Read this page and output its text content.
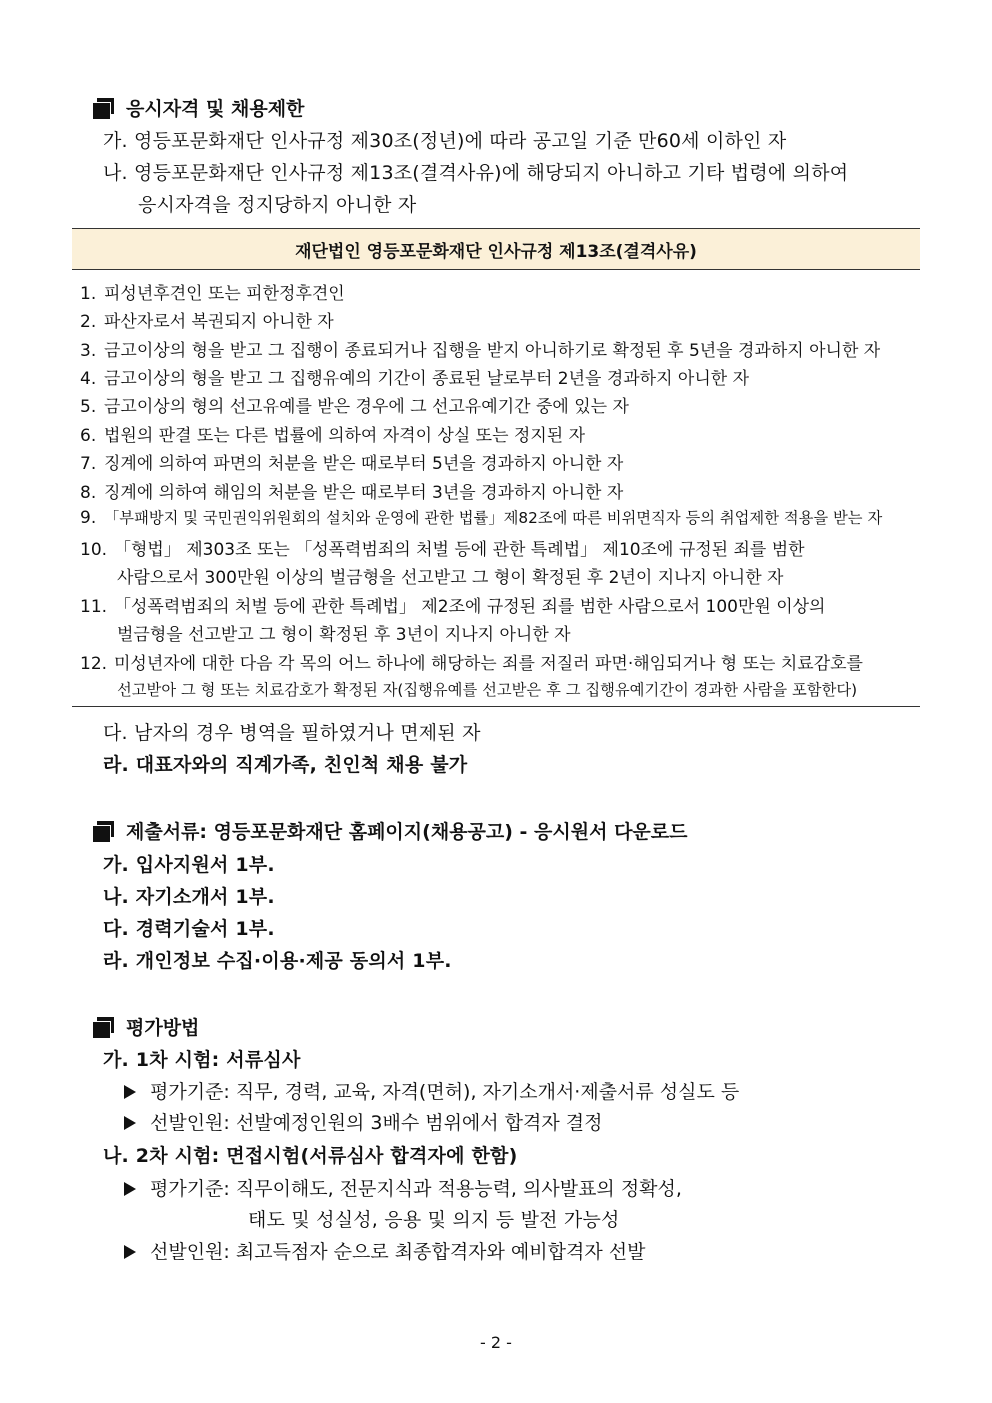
응시자격 및 채용제한
가. 영등포문화재단 인사규정 제30조(정년)에 따라 공고일 기준 만60세 이하인 자
나. 영등포문화재단 인사규정 제13조(결격사유)에 해당되지 아니하고 기타 법령에 의하여
응시자격을 정지당하지 아니한 자
재단법인 영등포문화재단 인사규정 제13조(결격사유)
1. 피성년후견인 또는 피한정후견인
2. 파산자로서 복권되지 아니한 자
3. 금고이상의 형을 받고 그 집행이 종료되거나 집행을 받지 아니하기로 확정된 후 5년을 경과하지 아니한 자
4. 금고이상의 형을 받고 그 집행유예의 기간이 종료된 날로부터 2년을 경과하지 아니한 자
5. 금고이상의 형의 선고유예를 받은 경우에 그 선고유예기간 중에 있는 자
6. 법원의 판결 또는 다른 법률에 의하여 자격이 상실 또는 정지된 자
7. 징계에 의하여 파면의 처분을 받은 때로부터 5년을 경과하지 아니한 자
8. 징계에 의하여 해임의 처분을 받은 때로부터 3년을 경과하지 아니한 자
9. 「부패방지 및 국민권익위원회의 설치와 운영에 관한 법률」제82조에 따른 비위면직자 등의 취업제한 적용을 받는 자
10. 「형법」 제303조 또는 「성폭력범죄의 처벌 등에 관한 특례법」 제10조에 규정된 죄를 범한
사람으로서 300만원 이상의 벌금형을 선고받고 그 형이 확정된 후 2년이 지나지 아니한 자
11. 「성폭력범죄의 처벌 등에 관한 특례법」 제2조에 규정된 죄를 범한 사람으로서 100만원 이상의
벌금형을 선고받고 그 형이 확정된 후 3년이 지나지 아니한 자
12. 미성년자에 대한 다음 각 목의 어느 하나에 해당하는 죄를 저질러 파면·해임되거나 형 또는 치료감호를
선고받아 그 형 또는 치료감호가 확정된 자(집행유예를 선고받은 후 그 집행유예기간이 경과한 사람을 포함한다)
다. 남자의 경우 병역을 필하였거나 면제된 자
라. 대표자와의 직계가족, 친인척 채용 불가
제출서류: 영등포문화재단 홈페이지(채용공고) - 응시원서 다운로드
가. 입사지원서 1부.
나. 자기소개서 1부.
다. 경력기술서 1부.
라. 개인정보 수집·이용·제공 동의서 1부.
평가방법
가. 1차 시험: 서류심사
평가기준: 직무, 경력, 교육, 자격(면허), 자기소개서·제출서류 성실도 등
선발인원: 선발예정인원의 3배수 범위에서 합격자 결정
나. 2차 시험: 면접시험(서류심사 합격자에 한함)
평가기준: 직무이해도, 전문지식과 적용능력, 의사발표의 정확성,
태도 및 성실성, 응용 및 의지 등 발전 가능성
선발인원: 최고득점자 순으로 최종합격자와 예비합격자 선발
- 2 -
